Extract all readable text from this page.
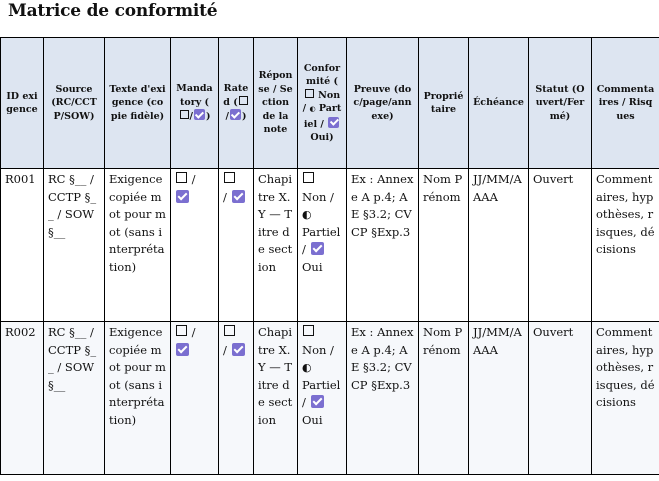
Matrice de conformité
ID exigence	Source (RC/CCTP/SOW)	Texte d'exigence (copie fidèle)	Mandatory (/ )	Rated (/ )	Réponse / Section de la note	Conformité ( Non / ◐ Partiel /
Oui)	Preuve (doc/page/annexe)	Propriétaire	Échéance	Statut (Ouvert/Fermé)	Commentaires / Risques
R001	RC §__ / CCTP §__ / SOW §__	Exigence copiée mot pour mot (sans interprétation)	/	/	Chapitre X.Y — Titre de section	Non / ◐
Partiel /
Oui	Ex : Annexe A p.4; AE §3.2; CV CP §Exp.3	Nom Prénom	JJ/MM/AAAA	Ouvert	Commentaires, hypothèses, risques, décisions
R002	RC §__ / CCTP §__ / SOW §__	Exigence copiée mot pour mot (sans interprétation)	/	/	Chapitre X.Y — Titre de section	Non / ◐
Partiel /
Oui	Ex : Annexe A p.4; AE §3.2; CV CP §Exp.3	Nom Prénom	JJ/MM/AAAA	Ouvert	Commentaires, hypothèses, risques, décisions
